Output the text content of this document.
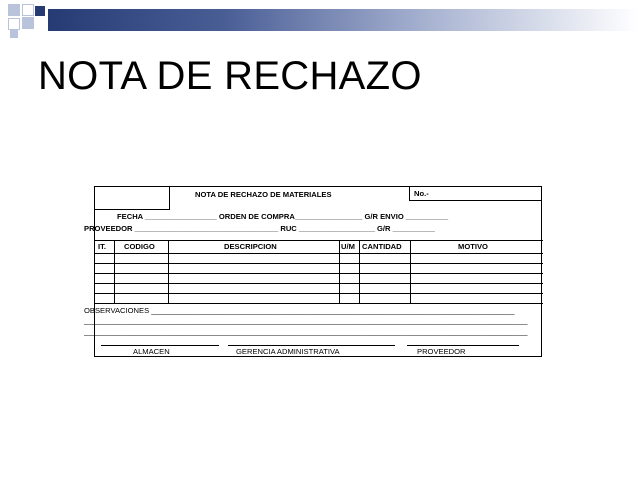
NOTA DE RECHAZO
NOTA DE RECHAZO DE MATERIALES	No.-
FECHA _________________ ORDEN DE COMPRA________________ G/R ENVIO __________
PROVEEDOR __________________________________ RUC __________________ G/R __________
IT. CODIGO	DESCRIPCION	U/M CANTIDAD	MOTIVO
OBSERVACIONES ______________________________________________________________________________________
_________________________________________________________________________________________________________
_________________________________________________________________________________________________________
ALMACEN	GERENCIA ADMINISTRATIVA	PROVEEDOR
